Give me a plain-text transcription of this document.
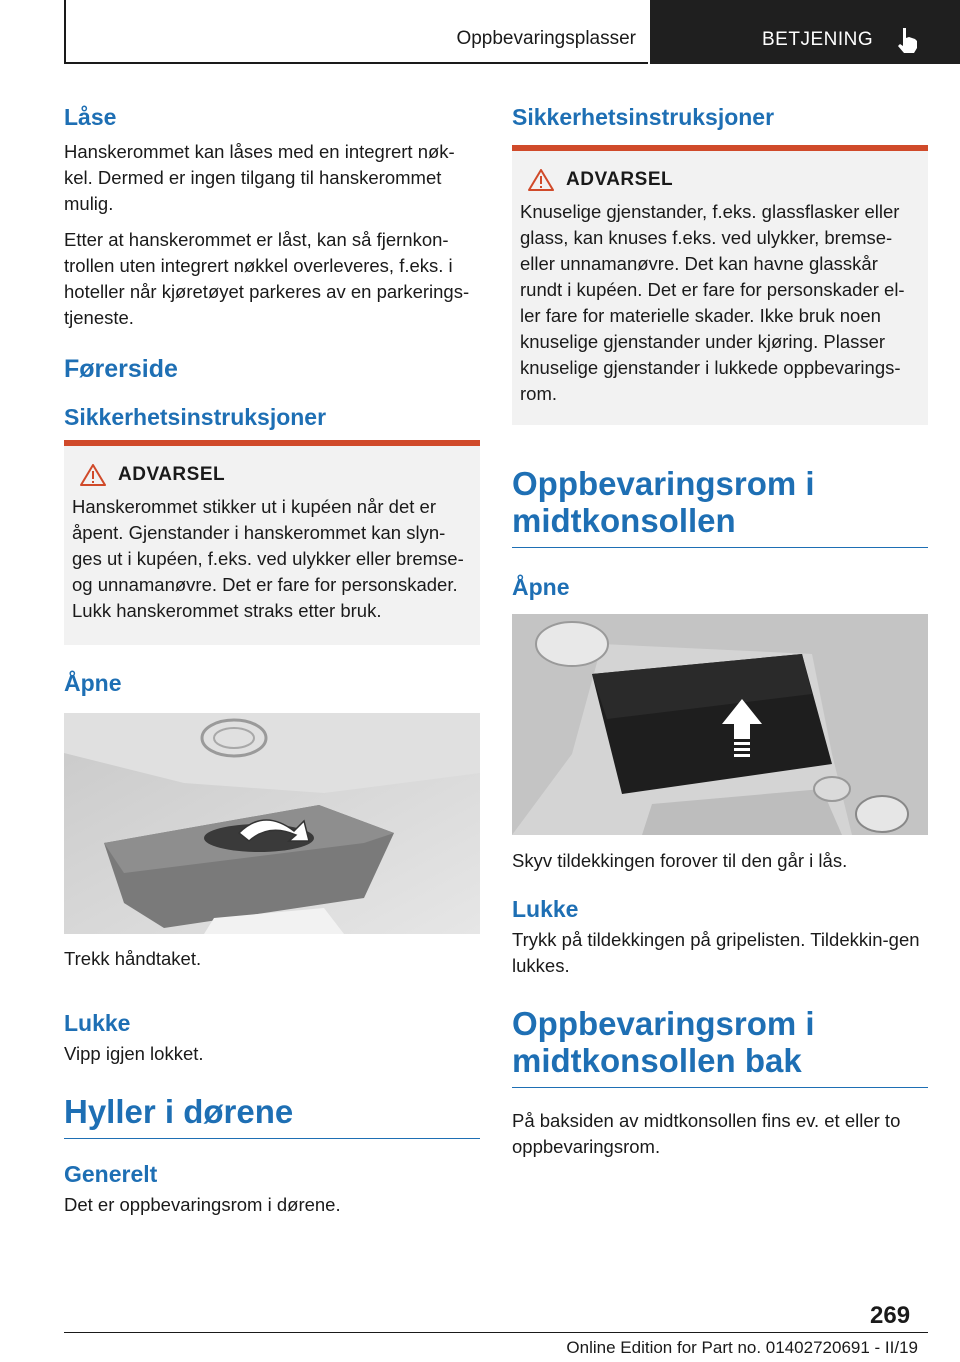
Oppbevaringsplasser	BETJENING
Låse

Hanskerommet kan låses med en integrert nøk-kel. Dermed er ingen tilgang til hanskerommet mulig.

Etter at hanskerommet er låst, kan så fjernkon-trollen uten integrert nøkkel overleveres, f.eks. i hoteller når kjøretøyet parkeres av en parkerings-tjeneste.

Førerside
Sikkerhetsinstruksjoner
ADVARSEL

Hanskerommet stikker ut i kupéen når det er åpent. Gjenstander i hanskerommet kan slyn-ges ut i kupéen, f.eks. ved ulykker eller bremse- og unnamanøvre. Det er fare for personskader. Lukk hanskerommet straks etter bruk.

Åpne

Trekk håndtaket.

Lukke

Vipp igjen lokket.

Hyller i dørene
Generelt

Det er oppbevaringsrom i dørene.

Sikkerhetsinstruksjoner
ADVARSEL

Knuselige gjenstander, f.eks. glassflasker eller glass, kan knuses f.eks. ved ulykker, bremse- eller unnamanøvre. Det kan havne glasskår rundt i kupéen. Det er fare for personskader el-ler fare for materielle skader. Ikke bruk noen knuselige gjenstander under kjøring. Plasser knuselige gjenstander i lukkede oppbevarings-rom.

Oppbevaringsrom i midtkonsollen
Åpne

Skyv tildekkingen forover til den går i lås.

Lukke

Trykk på tildekkingen på gripelisten. Tildekkin-gen lukkes.

Oppbevaringsrom i midtkonsollen bak

På baksiden av midtkonsollen fins ev. et eller to oppbevaringsrom.

269
Online Edition for Part no. 01402720691 - II/19
